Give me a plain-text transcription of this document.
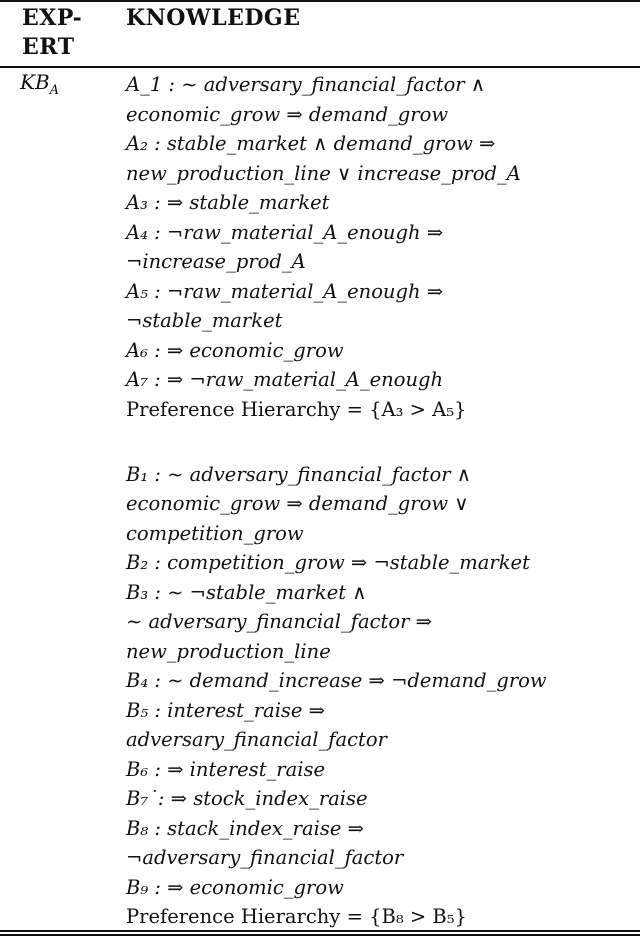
EXP-
ERT
KNOWLEDGE
$KB_A$	A_1 : ∼ adversary_financial_factor ∧
economic_grow ⇒ demand_grow
A₂ : stable_market ∧ demand_grow ⇒
new_production_line ∨ increase_prod_A
A₃ : ⇒ stable_market
A₄ : ¬raw_material_A_enough ⇒
¬increase_prod_A
A₅ : ¬raw_material_A_enough ⇒
¬stable_market
A₆ : ⇒ economic_grow
A₇ : ⇒ ¬raw_material_A_enough
Preference Hierarchy = {A₃ > A₅}
B₁ : ∼ adversary_financial_factor ∧
economic_grow ⇒ demand_grow ∨
competition_grow
B₂ : competition_grow ⇒ ¬stable_market
B₃ : ∼ ¬stable_market ∧
∼ adversary_financial_factor ⇒
new_production_line
B₄ : ∼ demand_increase ⇒ ¬demand_grow
B₅ : interest_raise ⇒
adversary_financial_factor
B₆ : ⇒ interest_raise
B₇˙: ⇒ stock_index_raise
B₈ : stack_index_raise ⇒
¬adversary_financial_factor
B₉ : ⇒ economic_grow
Preference Hierarchy = {B₈ > B₅}
